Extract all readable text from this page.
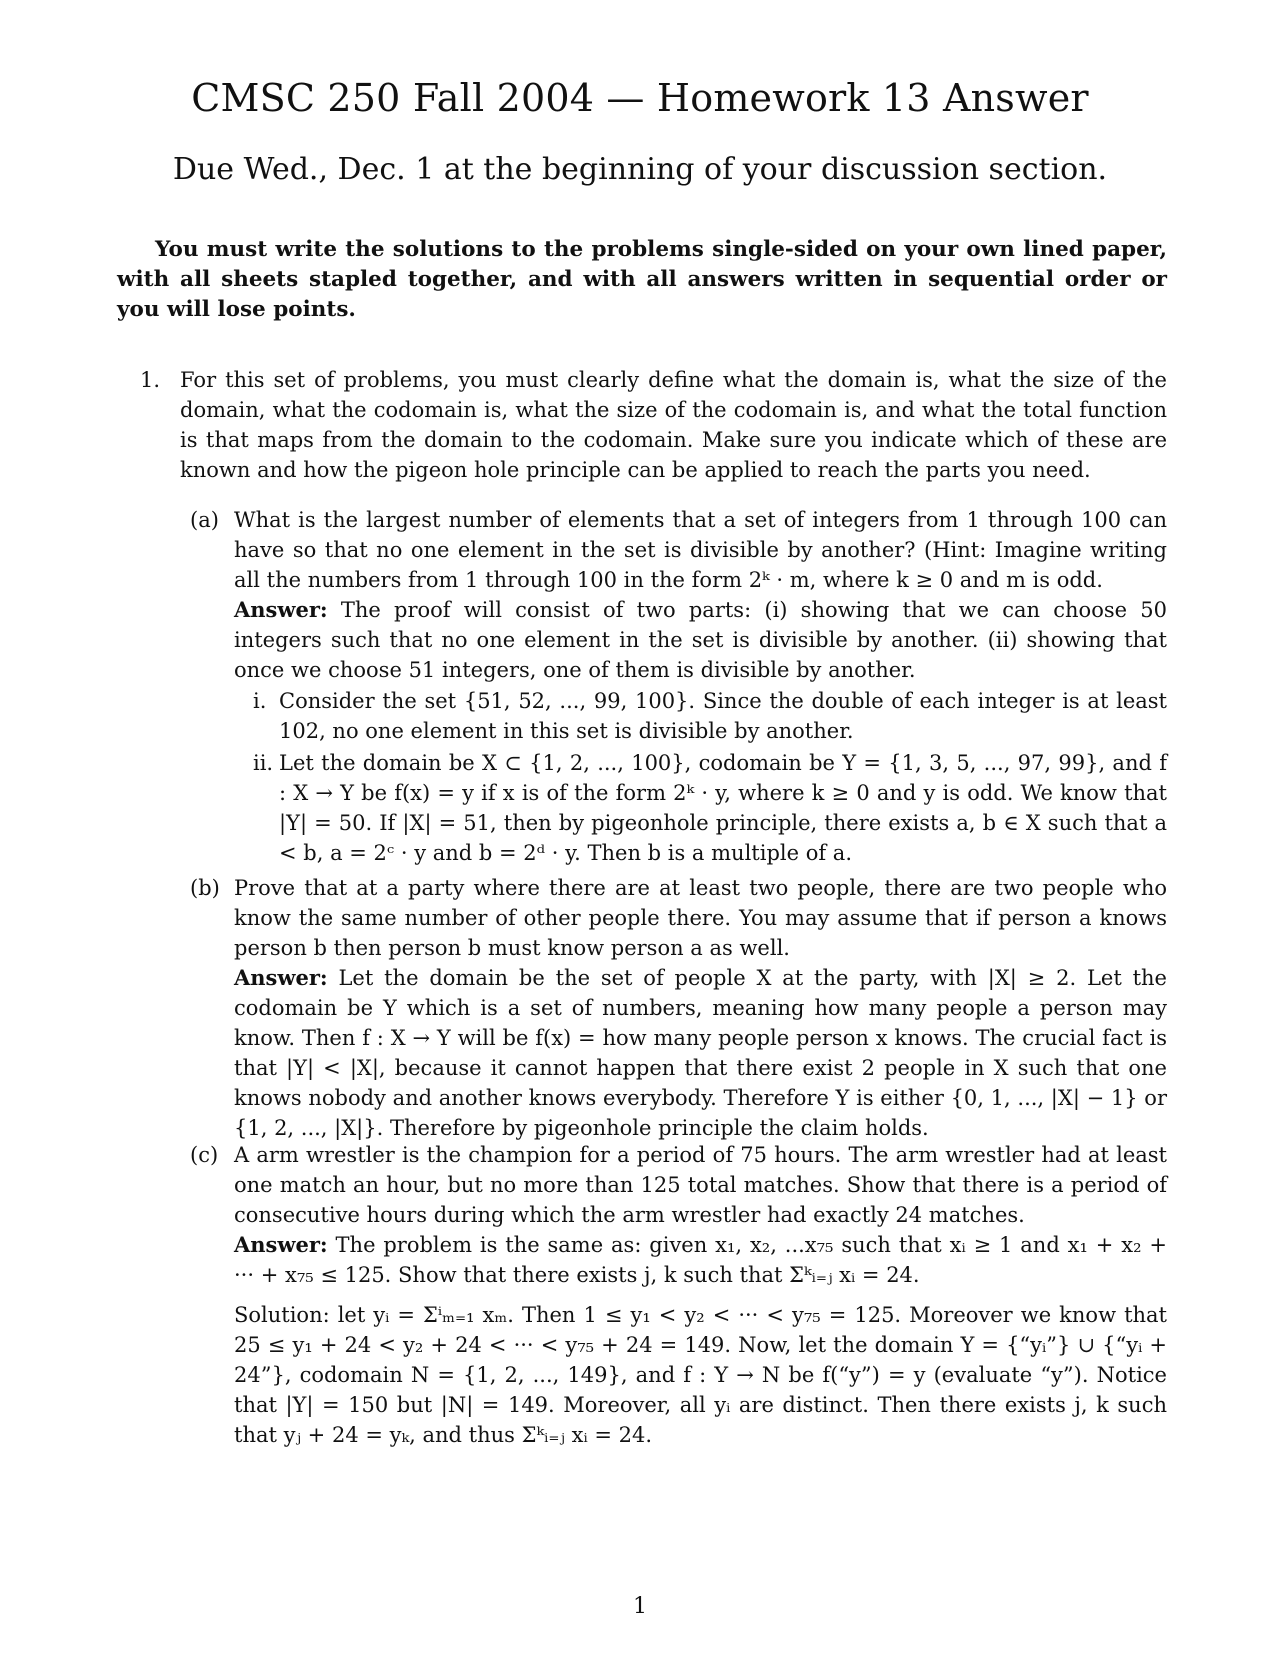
CMSC 250 Fall 2004 — Homework 13 Answer
Due Wed., Dec. 1 at the beginning of your discussion section.
You must write the solutions to the problems single-sided on your own lined paper, with all sheets stapled together, and with all answers written in sequential order or you will lose points.
1. For this set of problems, you must clearly define what the domain is, what the size of the domain, what the codomain is, what the size of the codomain is, and what the total function is that maps from the domain to the codomain. Make sure you indicate which of these are known and how the pigeon hole principle can be applied to reach the parts you need.

(a) What is the largest number of elements that a set of integers from 1 through 100 can have so that no one element in the set is divisible by another? (Hint: Imagine writing all the numbers from 1 through 100 in the form 2ᵏ · m, where k ≥ 0 and m is odd.

Answer: The proof will consist of two parts: (i) showing that we can choose 50 integers such that no one element in the set is divisible by another. (ii) showing that once we choose 51 integers, one of them is divisible by another.

i. Consider the set {51, 52, ..., 99, 100}. Since the double of each integer is at least 102, no one element in this set is divisible by another.

ii. Let the domain be X ⊂ {1, 2, ..., 100}, codomain be Y = {1, 3, 5, ..., 97, 99}, and f : X → Y be f(x) = y if x is of the form 2ᵏ · y, where k ≥ 0 and y is odd. We know that |Y| = 50. If |X| = 51, then by pigeonhole principle, there exists a, b ∈ X such that a < b, a = 2ᶜ · y and b = 2ᵈ · y. Then b is a multiple of a.

(b) Prove that at a party where there are at least two people, there are two people who know the same number of other people there. You may assume that if person a knows person b then person b must know person a as well.

Answer: Let the domain be the set of people X at the party, with |X| ≥ 2. Let the codomain be Y which is a set of numbers, meaning how many people a person may know. Then f : X → Y will be f(x) = how many people person x knows. The crucial fact is that |Y| < |X|, because it cannot happen that there exist 2 people in X such that one knows nobody and another knows everybody. Therefore Y is either {0, 1, ..., |X| − 1} or {1, 2, ..., |X|}. Therefore by pigeonhole principle the claim holds.

(c) A arm wrestler is the champion for a period of 75 hours. The arm wrestler had at least one match an hour, but no more than 125 total matches. Show that there is a period of consecutive hours during which the arm wrestler had exactly 24 matches.

Answer: The problem is the same as: given x₁, x₂, ...x₇₅ such that xᵢ ≥ 1 and x₁ + x₂ + ··· + x₇₅ ≤ 125. Show that there exists j, k such that Σᵏᵢ₌ⱼ xᵢ = 24.

Solution: let yᵢ = Σⁱₘ₌₁ xₘ. Then 1 ≤ y₁ < y₂ < ··· < y₇₅ = 125. Moreover we know that 25 ≤ y₁ + 24 < y₂ + 24 < ··· < y₇₅ + 24 = 149. Now, let the domain Y = {“yᵢ”} ∪ {“yᵢ + 24”}, codomain N = {1, 2, ..., 149}, and f : Y → N be f(“y”) = y (evaluate “y”). Notice that |Y| = 150 but |N| = 149. Moreover, all yᵢ are distinct. Then there exists j, k such that yⱼ + 24 = yₖ, and thus Σᵏᵢ₌ⱼ xᵢ = 24.

1
